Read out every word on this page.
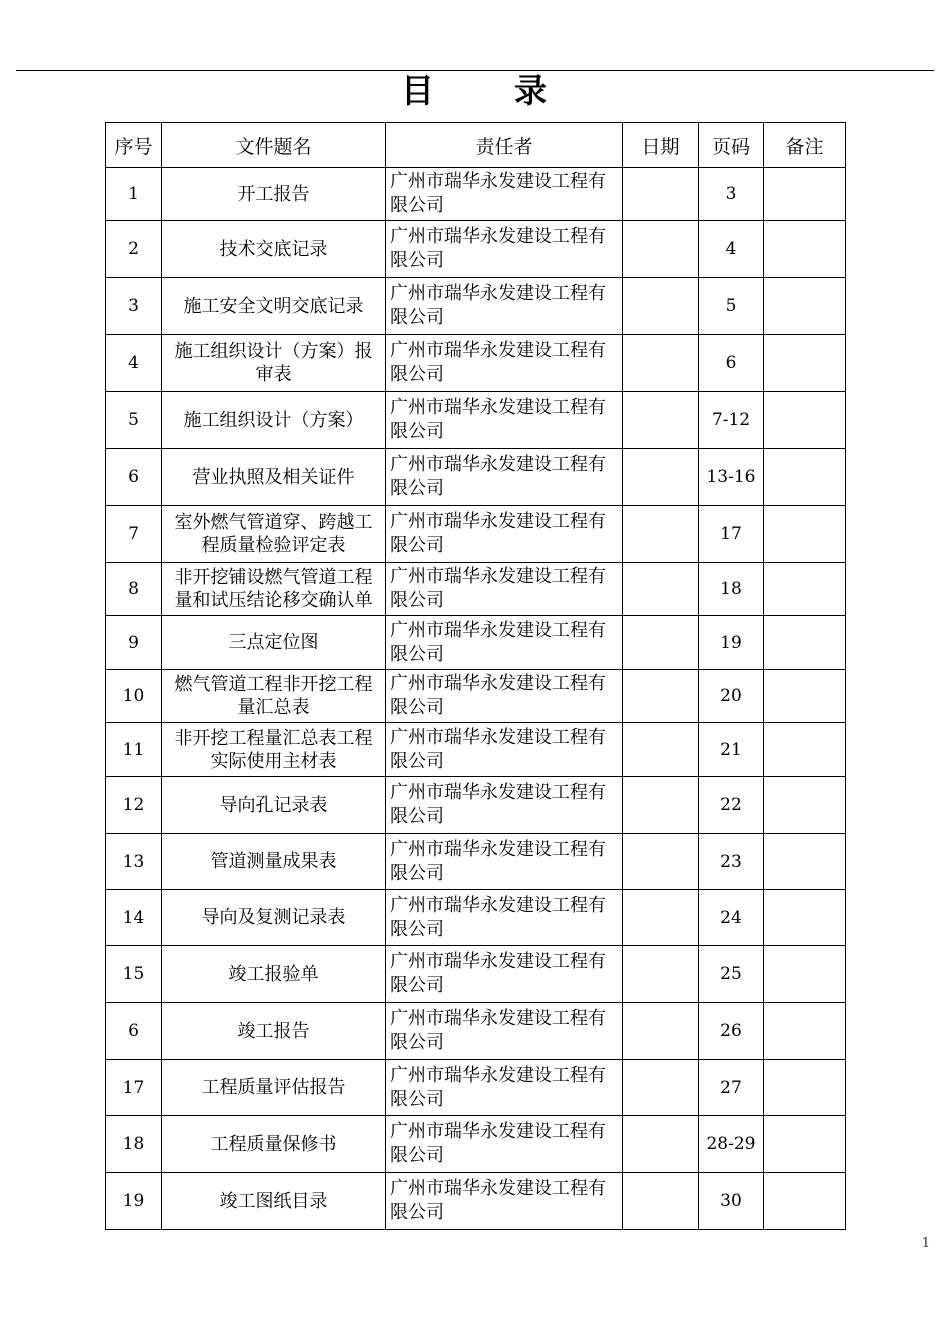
目 录
序号	文件题名	责任者	日期	页码	备注
1	开工报告	广州市瑞华永发建设工程有限公司		3	
2	技术交底记录	广州市瑞华永发建设工程有限公司		4	
3	施工安全文明交底记录	广州市瑞华永发建设工程有限公司		5	
4	施工组织设计（方案）报审表	广州市瑞华永发建设工程有限公司		6	
5	施工组织设计（方案）	广州市瑞华永发建设工程有限公司		7-12	
6	营业执照及相关证件	广州市瑞华永发建设工程有限公司		13-16	
7	室外燃气管道穿、跨越工程质量检验评定表	广州市瑞华永发建设工程有限公司		17	
8	非开挖铺设燃气管道工程量和试压结论移交确认单	广州市瑞华永发建设工程有限公司		18	
9	三点定位图	广州市瑞华永发建设工程有限公司		19	
10	燃气管道工程非开挖工程量汇总表	广州市瑞华永发建设工程有限公司		20	
11	非开挖工程量汇总表工程实际使用主材表	广州市瑞华永发建设工程有限公司		21	
12	导向孔记录表	广州市瑞华永发建设工程有限公司		22	
13	管道测量成果表	广州市瑞华永发建设工程有限公司		23	
14	导向及复测记录表	广州市瑞华永发建设工程有限公司		24	
15	竣工报验单	广州市瑞华永发建设工程有限公司		25	
6	竣工报告	广州市瑞华永发建设工程有限公司		26	
17	工程质量评估报告	广州市瑞华永发建设工程有限公司		27	
18	工程质量保修书	广州市瑞华永发建设工程有限公司		28-29	
19	竣工图纸目录	广州市瑞华永发建设工程有限公司		30	
1
